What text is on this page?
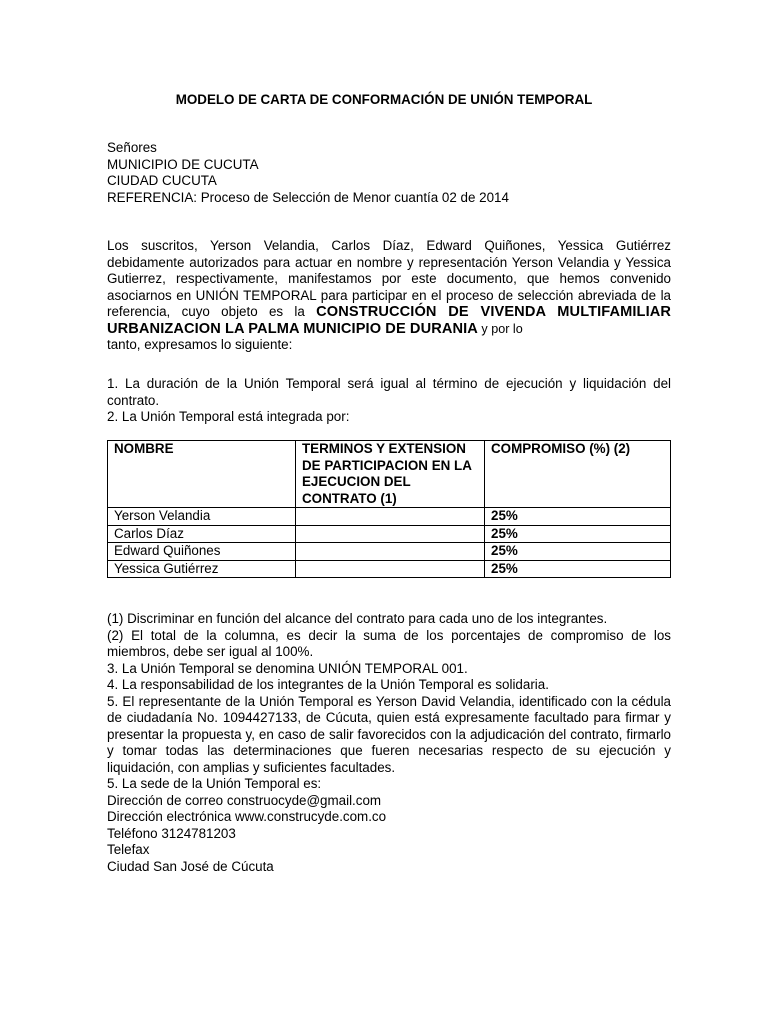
MODELO DE CARTA DE CONFORMACIÓN DE UNIÓN TEMPORAL
Señores
MUNICIPIO DE CUCUTA
CIUDAD CUCUTA
REFERENCIA: Proceso de Selección de Menor cuantía 02 de 2014
Los suscritos, Yerson Velandia, Carlos Díaz, Edward Quiñones, Yessica Gutiérrez debidamente autorizados para actuar en nombre y representación Yerson Velandia y Yessica Gutierrez, respectivamente, manifestamos por este documento, que hemos convenido asociarnos en UNIÓN TEMPORAL para participar en el proceso de selección abreviada de la referencia, cuyo objeto es la CONSTRUCCIÓN DE VIVENDA MULTIFAMILIAR URBANIZACION LA PALMA MUNICIPIO DE DURANIA y por lo
tanto, expresamos lo siguiente:
1. La duración de la Unión Temporal será igual al término de ejecución y liquidación del contrato.
2. La Unión Temporal está integrada por:
NOMBRE	TERMINOS Y EXTENSION DE PARTICIPACION EN LA EJECUCION DEL CONTRATO (1)	COMPROMISO (%) (2)
Yerson Velandia		25%
Carlos Díaz		25%
Edward Quiñones		25%
Yessica Gutiérrez		25%
(1) Discriminar en función del alcance del contrato para cada uno de los integrantes.
(2) El total de la columna, es decir la suma de los porcentajes de compromiso de los miembros, debe ser igual al 100%.
3. La Unión Temporal se denomina UNIÓN TEMPORAL 001.
4. La responsabilidad de los integrantes de la Unión Temporal es solidaria.
5. El representante de la Unión Temporal es Yerson David Velandia, identificado con la cédula de ciudadanía No. 1094427133, de Cúcuta, quien está expresamente facultado para firmar y presentar la propuesta y, en caso de salir favorecidos con la adjudicación del contrato, firmarlo y tomar todas las determinaciones que fueren necesarias respecto de su ejecución y liquidación, con amplias y suficientes facultades.
5. La sede de la Unión Temporal es:
Dirección de correo construocyde@gmail.com
Dirección electrónica www.construcyde.com.co
Teléfono 3124781203
Telefax
Ciudad San José de Cúcuta
